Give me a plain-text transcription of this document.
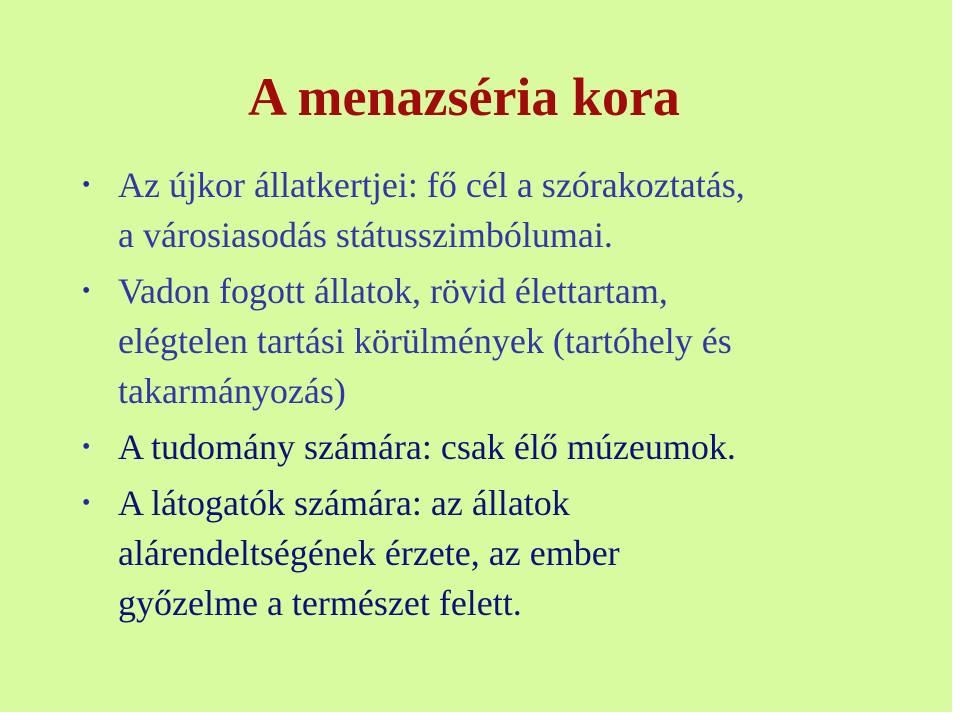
A menazséria kora
• Az újkor állatkertjei: fő cél a szórakoztatás,
a városiasodás státusszimbólumai.
• Vadon fogott állatok, rövid élettartam,
elégtelen tartási körülmények (tartóhely és
takarmányozás)
• A tudomány számára: csak élő múzeumok.
• A látogatók számára: az állatok
alárendeltségének érzete, az ember
győzelme a természet felett.
